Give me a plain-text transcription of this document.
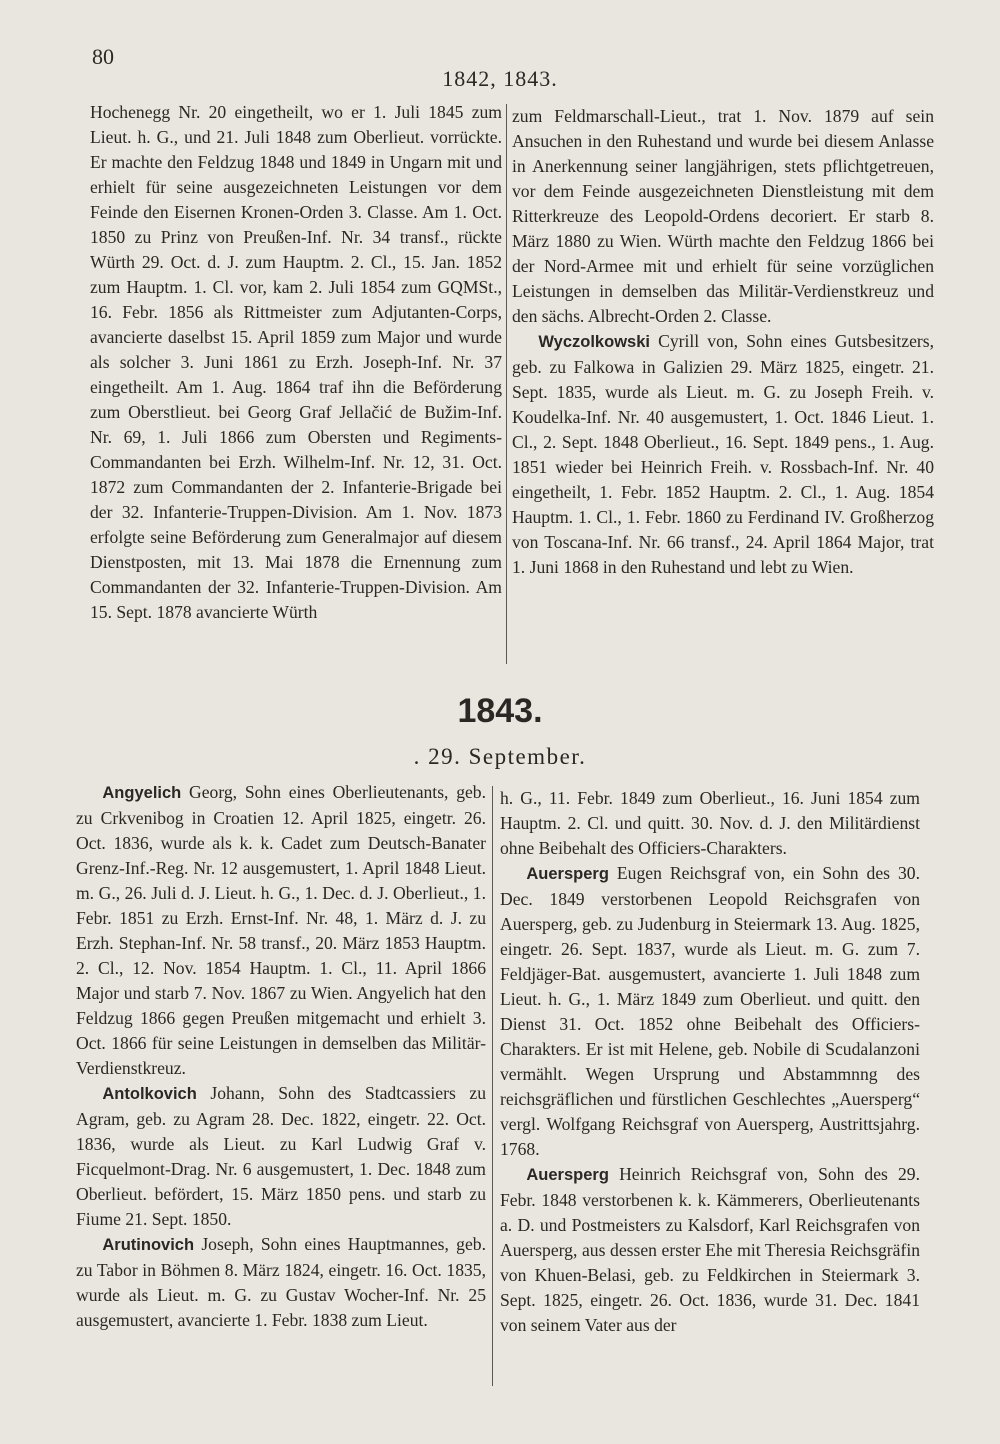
80
1842, 1843.

Hochenegg Nr. 20 eingetheilt, wo er 1. Juli 1845 zum Lieut. h. G., und 21. Juli 1848 zum Oberlieut. vorrückte. Er machte den Feldzug 1848 und 1849 in Ungarn mit und erhielt für seine ausgezeichneten Leistungen vor dem Feinde den Eisernen Kronen-Orden 3. Classe. Am 1. Oct. 1850 zu Prinz von Preußen-Inf. Nr. 34 transf., rückte Würth 29. Oct. d. J. zum Hauptm. 2. Cl., 15. Jan. 1852 zum Hauptm. 1. Cl. vor, kam 2. Juli 1854 zum GQMSt., 16. Febr. 1856 als Rittmeister zum Adjutanten-Corps, avancierte daselbst 15. April 1859 zum Major und wurde als solcher 3. Juni 1861 zu Erzh. Joseph-Inf. Nr. 37 eingetheilt. Am 1. Aug. 1864 traf ihn die Beförderung zum Oberstlieut. bei Georg Graf Jellačić de Bužim-Inf. Nr. 69, 1. Juli 1866 zum Obersten und Regiments-Commandanten bei Erzh. Wilhelm-Inf. Nr. 12, 31. Oct. 1872 zum Commandanten der 2. Infanterie-Brigade bei der 32. Infanterie-Truppen-Division. Am 1. Nov. 1873 erfolgte seine Beförderung zum Generalmajor auf diesem Dienstposten, mit 13. Mai 1878 die Ernennung zum Commandanten der 32. Infanterie-Truppen-Division. Am 15. Sept. 1878 avancierte Würth

zum Feldmarschall-Lieut., trat 1. Nov. 1879 auf sein Ansuchen in den Ruhestand und wurde bei diesem Anlasse in Anerkennung seiner langjährigen, stets pflichtgetreuen, vor dem Feinde ausgezeichneten Dienstleistung mit dem Ritterkreuze des Leopold-Ordens decoriert. Er starb 8. März 1880 zu Wien. Würth machte den Feldzug 1866 bei der Nord-Armee mit und erhielt für seine vorzüglichen Leistungen in demselben das Militär-Verdienstkreuz und den sächs. Albrecht-Orden 2. Classe.

Wyczolkowski Cyrill von, Sohn eines Gutsbesitzers, geb. zu Falkowa in Galizien 29. März 1825, eingetr. 21. Sept. 1835, wurde als Lieut. m. G. zu Joseph Freih. v. Koudelka-Inf. Nr. 40 ausgemustert, 1. Oct. 1846 Lieut. 1. Cl., 2. Sept. 1848 Oberlieut., 16. Sept. 1849 pens., 1. Aug. 1851 wieder bei Heinrich Freih. v. Rossbach-Inf. Nr. 40 eingetheilt, 1. Febr. 1852 Hauptm. 2. Cl., 1. Aug. 1854 Hauptm. 1. Cl., 1. Febr. 1860 zu Ferdinand IV. Großherzog von Toscana-Inf. Nr. 66 transf., 24. April 1864 Major, trat 1. Juni 1868 in den Ruhestand und lebt zu Wien.

1843.
. 29. September.

Angyelich Georg, Sohn eines Oberlieutenants, geb. zu Crkvenibog in Croatien 12. April 1825, eingetr. 26. Oct. 1836, wurde als k. k. Cadet zum Deutsch-Banater Grenz-Inf.-Reg. Nr. 12 ausgemustert, 1. April 1848 Lieut. m. G., 26. Juli d. J. Lieut. h. G., 1. Dec. d. J. Oberlieut., 1. Febr. 1851 zu Erzh. Ernst-Inf. Nr. 48, 1. März d. J. zu Erzh. Stephan-Inf. Nr. 58 transf., 20. März 1853 Hauptm. 2. Cl., 12. Nov. 1854 Hauptm. 1. Cl., 11. April 1866 Major und starb 7. Nov. 1867 zu Wien. Angyelich hat den Feldzug 1866 gegen Preußen mitgemacht und erhielt 3. Oct. 1866 für seine Leistungen in demselben das Militär-Verdienstkreuz.

Antolkovich Johann, Sohn des Stadtcassiers zu Agram, geb. zu Agram 28. Dec. 1822, eingetr. 22. Oct. 1836, wurde als Lieut. zu Karl Ludwig Graf v. Ficquelmont-Drag. Nr. 6 ausgemustert, 1. Dec. 1848 zum Oberlieut. befördert, 15. März 1850 pens. und starb zu Fiume 21. Sept. 1850.

Arutinovich Joseph, Sohn eines Hauptmannes, geb. zu Tabor in Böhmen 8. März 1824, eingetr. 16. Oct. 1835, wurde als Lieut. m. G. zu Gustav Wocher-Inf. Nr. 25 ausgemustert, avancierte 1. Febr. 1838 zum Lieut.

h. G., 11. Febr. 1849 zum Oberlieut., 16. Juni 1854 zum Hauptm. 2. Cl. und quitt. 30. Nov. d. J. den Militärdienst ohne Beibehalt des Officiers-Charakters.

Auersperg Eugen Reichsgraf von, ein Sohn des 30. Dec. 1849 verstorbenen Leopold Reichsgrafen von Auersperg, geb. zu Judenburg in Steiermark 13. Aug. 1825, eingetr. 26. Sept. 1837, wurde als Lieut. m. G. zum 7. Feldjäger-Bat. ausgemustert, avancierte 1. Juli 1848 zum Lieut. h. G., 1. März 1849 zum Oberlieut. und quitt. den Dienst 31. Oct. 1852 ohne Beibehalt des Officiers-Charakters. Er ist mit Helene, geb. Nobile di Scudalanzoni vermählt. Wegen Ursprung und Abstammnng des reichsgräflichen und fürstlichen Geschlechtes „Auersperg“ vergl. Wolfgang Reichsgraf von Auersperg, Austrittsjahrg. 1768.

Auersperg Heinrich Reichsgraf von, Sohn des 29. Febr. 1848 verstorbenen k. k. Kämmerers, Oberlieutenants a. D. und Postmeisters zu Kalsdorf, Karl Reichsgrafen von Auersperg, aus dessen erster Ehe mit Theresia Reichsgräfin von Khuen-Belasi, geb. zu Feldkirchen in Steiermark 3. Sept. 1825, eingetr. 26. Oct. 1836, wurde 31. Dec. 1841 von seinem Vater aus der
